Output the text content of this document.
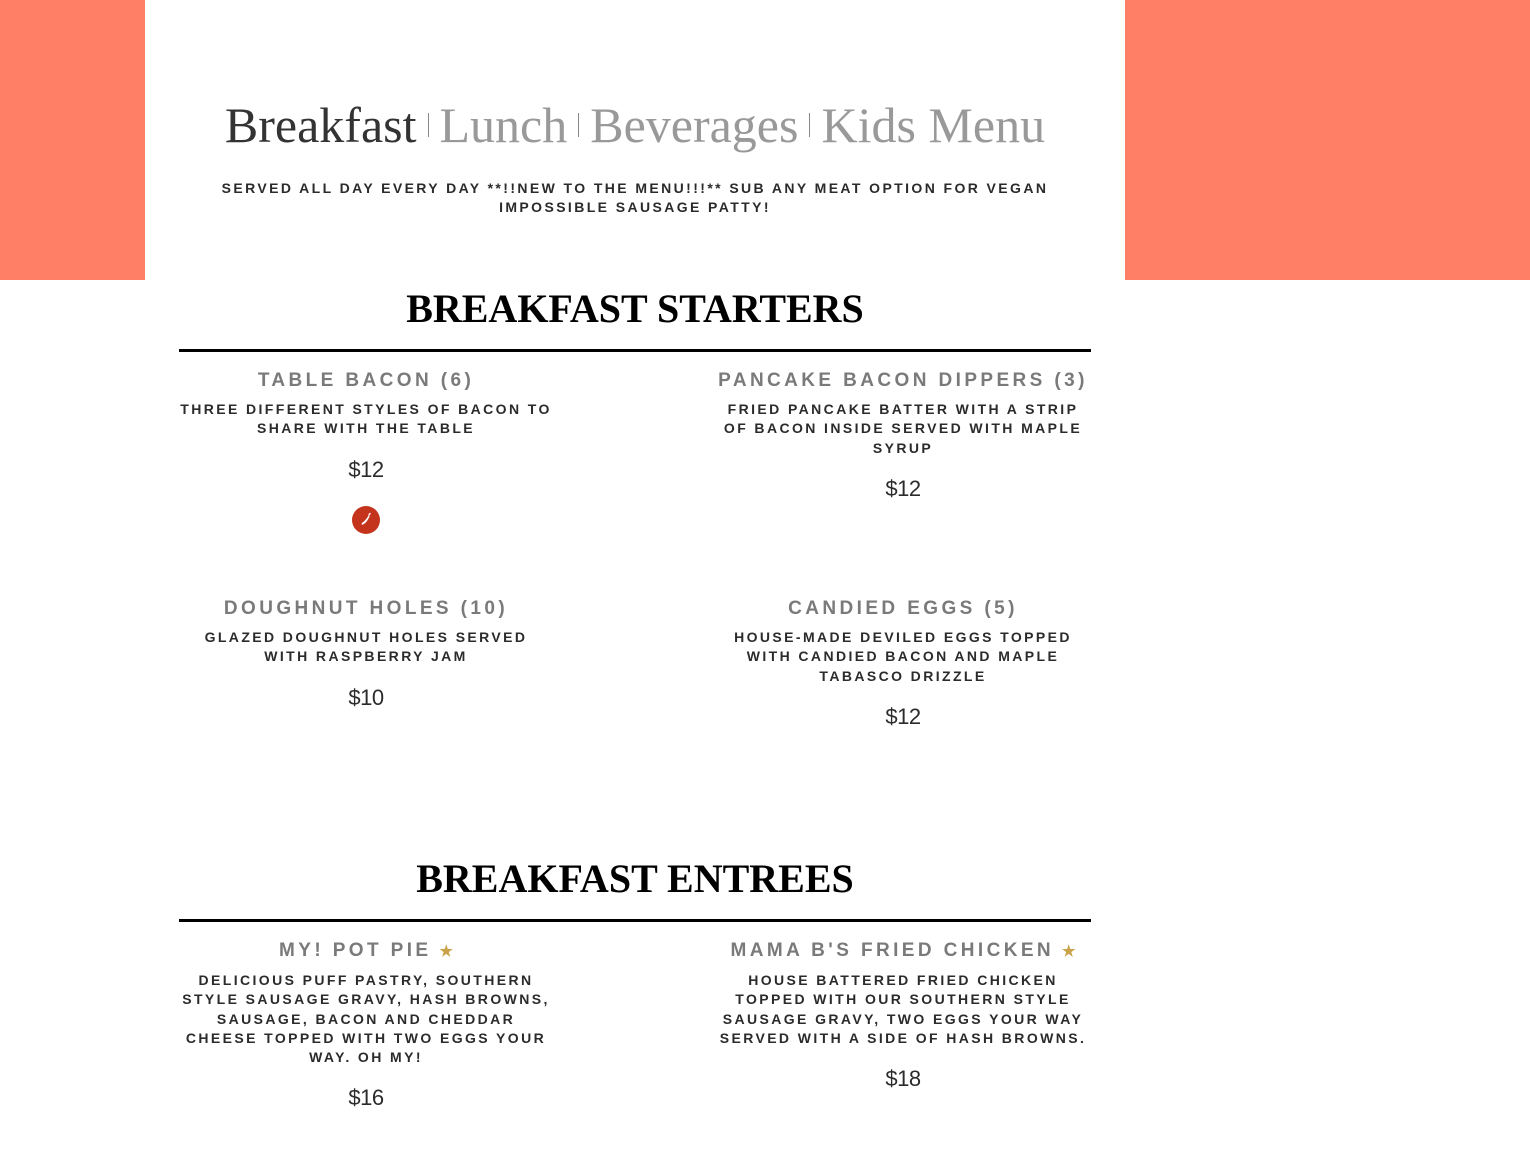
Breakfast Lunch Beverages Kids Menu
SERVED ALL DAY EVERY DAY **!!NEW TO THE MENU!!!** SUB ANY MEAT OPTION FOR VEGAN IMPOSSIBLE SAUSAGE PATTY!
BREAKFAST STARTERS
TABLE BACON (6)
THREE DIFFERENT STYLES OF BACON TO SHARE WITH THE TABLE
$12
PANCAKE BACON DIPPERS (3)
FRIED PANCAKE BATTER WITH A STRIP OF BACON INSIDE SERVED WITH MAPLE SYRUP
$12
DOUGHNUT HOLES (10)
GLAZED DOUGHNUT HOLES SERVED WITH RASPBERRY JAM
$10
CANDIED EGGS (5)
HOUSE-MADE DEVILED EGGS TOPPED WITH CANDIED BACON AND MAPLE TABASCO DRIZZLE
$12
BREAKFAST ENTREES
MY! POT PIE ★
DELICIOUS PUFF PASTRY, SOUTHERN STYLE SAUSAGE GRAVY, HASH BROWNS, SAUSAGE, BACON AND CHEDDAR CHEESE TOPPED WITH TWO EGGS YOUR WAY. OH MY!
$16
MAMA B'S FRIED CHICKEN ★
HOUSE BATTERED FRIED CHICKEN TOPPED WITH OUR SOUTHERN STYLE SAUSAGE GRAVY, TWO EGGS YOUR WAY SERVED WITH A SIDE OF HASH BROWNS.
$18
